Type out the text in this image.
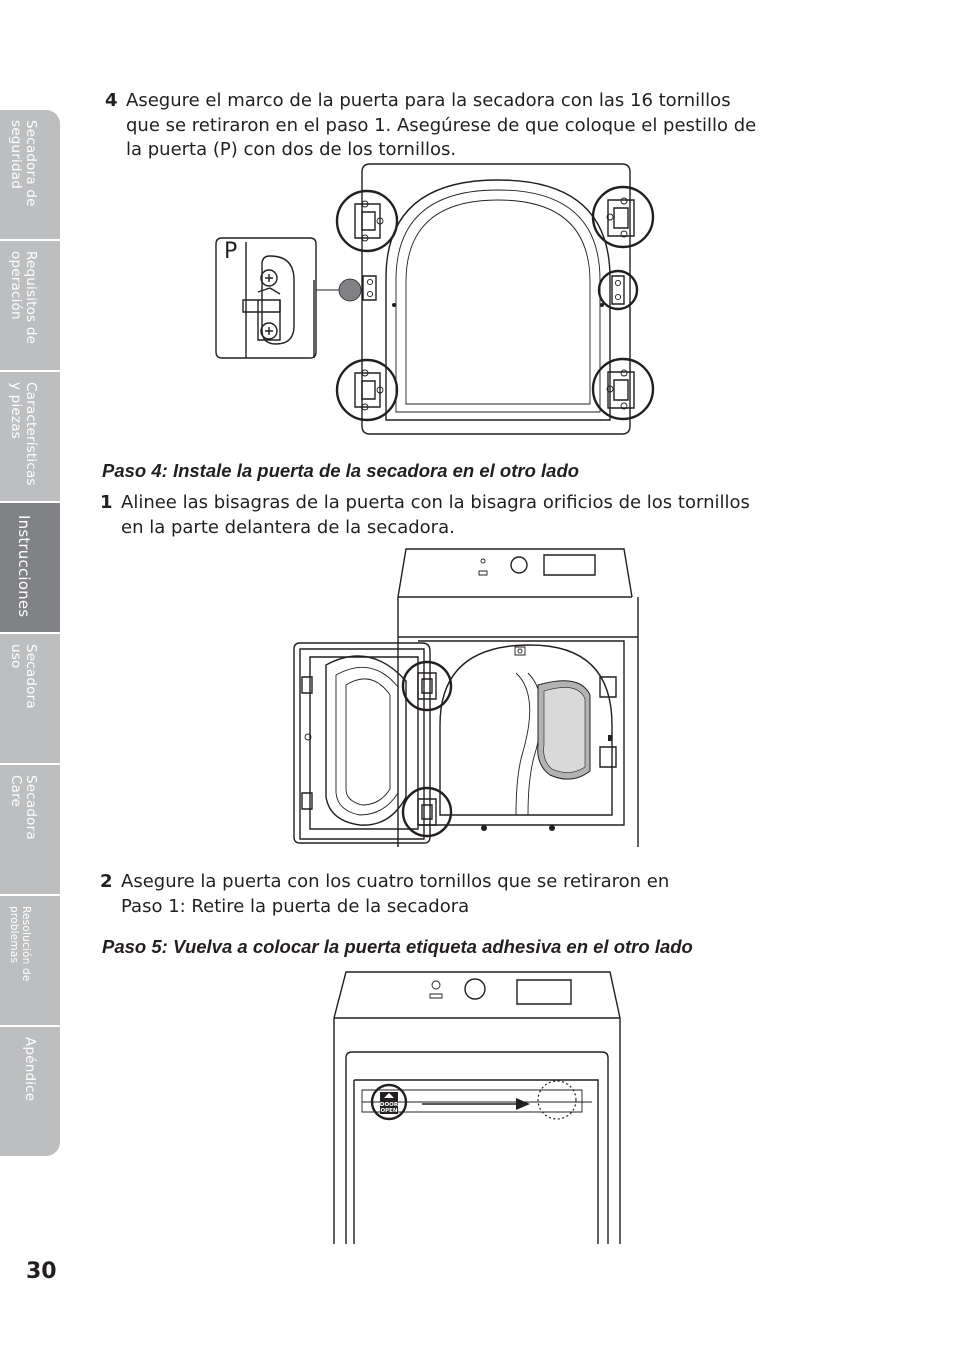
Secadora de
seguridad
Requisitos de
operación
Características
y piezas
Instrucciones
Secadora
uso
Secadora
Care
Resolución de
problemas
Apéndice
4 Asegure el marco de la puerta para la secadora con las 16 tornillos
que se retiraron en el paso 1. Asegúrese de que coloque el pestillo de
la puerta (P) con dos de los tornillos.
P
Paso 4: Instale la puerta de la secadora en el otro lado
1 Alinee las bisagras de la puerta con la bisagra orificios de los tornillos
en la parte delantera de la secadora.
2 Asegure la puerta con los cuatro tornillos que se retiraron en
Paso 1: Retire la puerta de la secadora
Paso 5: Vuelva a colocar la puerta etiqueta adhesiva en el otro lado
DOOR
OPEN
30
